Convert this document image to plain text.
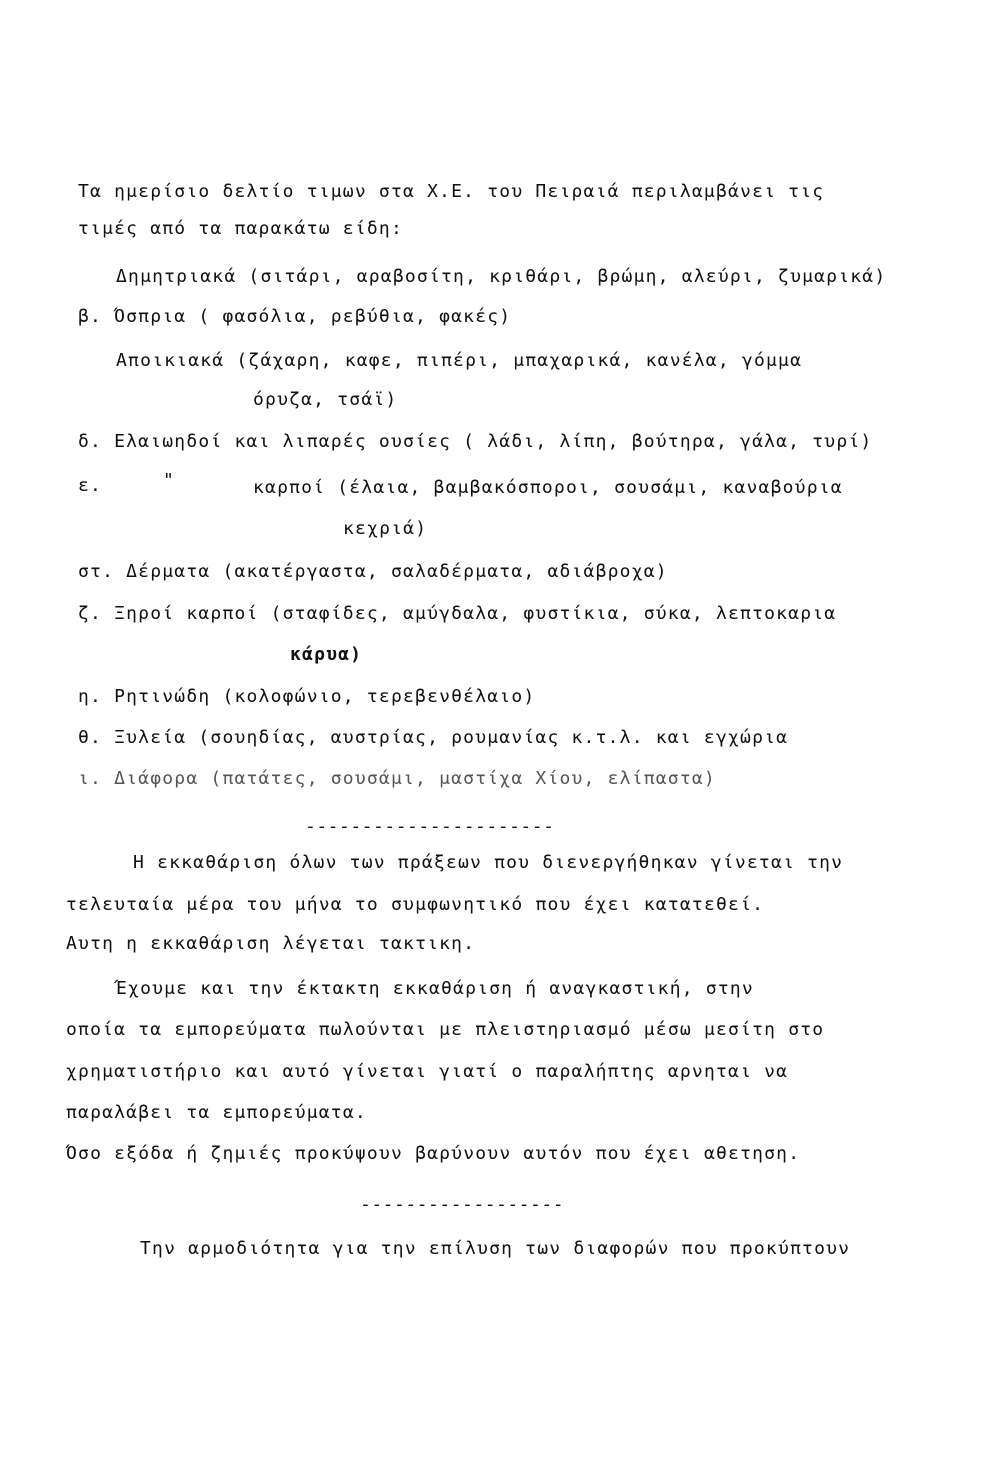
Τα ημερίσιο δελτίο τιμων στα Χ.Ε. του Πειραιά περιλαμβάνει τις
τιμές από τα παρακάτω είδη:
Δημητριακά (σιτάρι, αραβοσίτη, κριθάρι, βρώμη, αλεύρι, ζυμαρικά)
β. Όσπρια ( φασόλια, ρεβύθια, φακές)
Αποικιακά (ζάχαρη, καφε, πιπέρι, μπαχαρικά, κανέλα, γόμμα
όρυζα, τσάϊ)
δ. Ελαιωηδοί και λιπαρές ουσίες ( λάδι, λίπη, βούτηρα, γάλα, τυρί)
ε.	"	καρποί (έλαια, βαμβακόσποροι, σουσάμι, καναβούρια
κεχριά)
στ. Δέρματα (ακατέργαστα, σαλαδέρματα, αδιάβροχα)
ζ. Ξηροί καρποί (σταφίδες, αμύγδαλα, φυστίκια, σύκα, λεπτοκαρια
κάρυα)
η. Ρητινώδη (κολοφώνιο, τερεβενθέλαιο)
θ. Ξυλεία (σουηδίας, αυστρίας, ρουμανίας κ.τ.λ. και εγχώρια
ι. Διάφορα (πατάτες, σουσάμι, μαστίχα Χίου, ελίπαστα)
----------------------
Η εκκαθάριση όλων των πράξεων που διενεργήθηκαν γίνεται την
τελευταία μέρα του μήνα το συμφωνητικό που έχει κατατεθεί.
Αυτη η εκκαθάριση λέγεται τακτικη.
Έχουμε και την έκτακτη εκκαθάριση ή αναγκαστική, στην
οποία τα εμπορεύματα πωλούνται με πλειστηριασμό μέσω μεσίτη στο
χρηματιστήριο και αυτό γίνεται γιατί ο παραλήπτης αρνηται να
παραλάβει τα εμπορεύματα.
Όσο εξόδα ή ζημιές προκύψουν βαρύνουν αυτόν που έχει αθετηση.
------------------
Την αρμοδιότητα για την επίλυση των διαφορών που προκύπτουν
